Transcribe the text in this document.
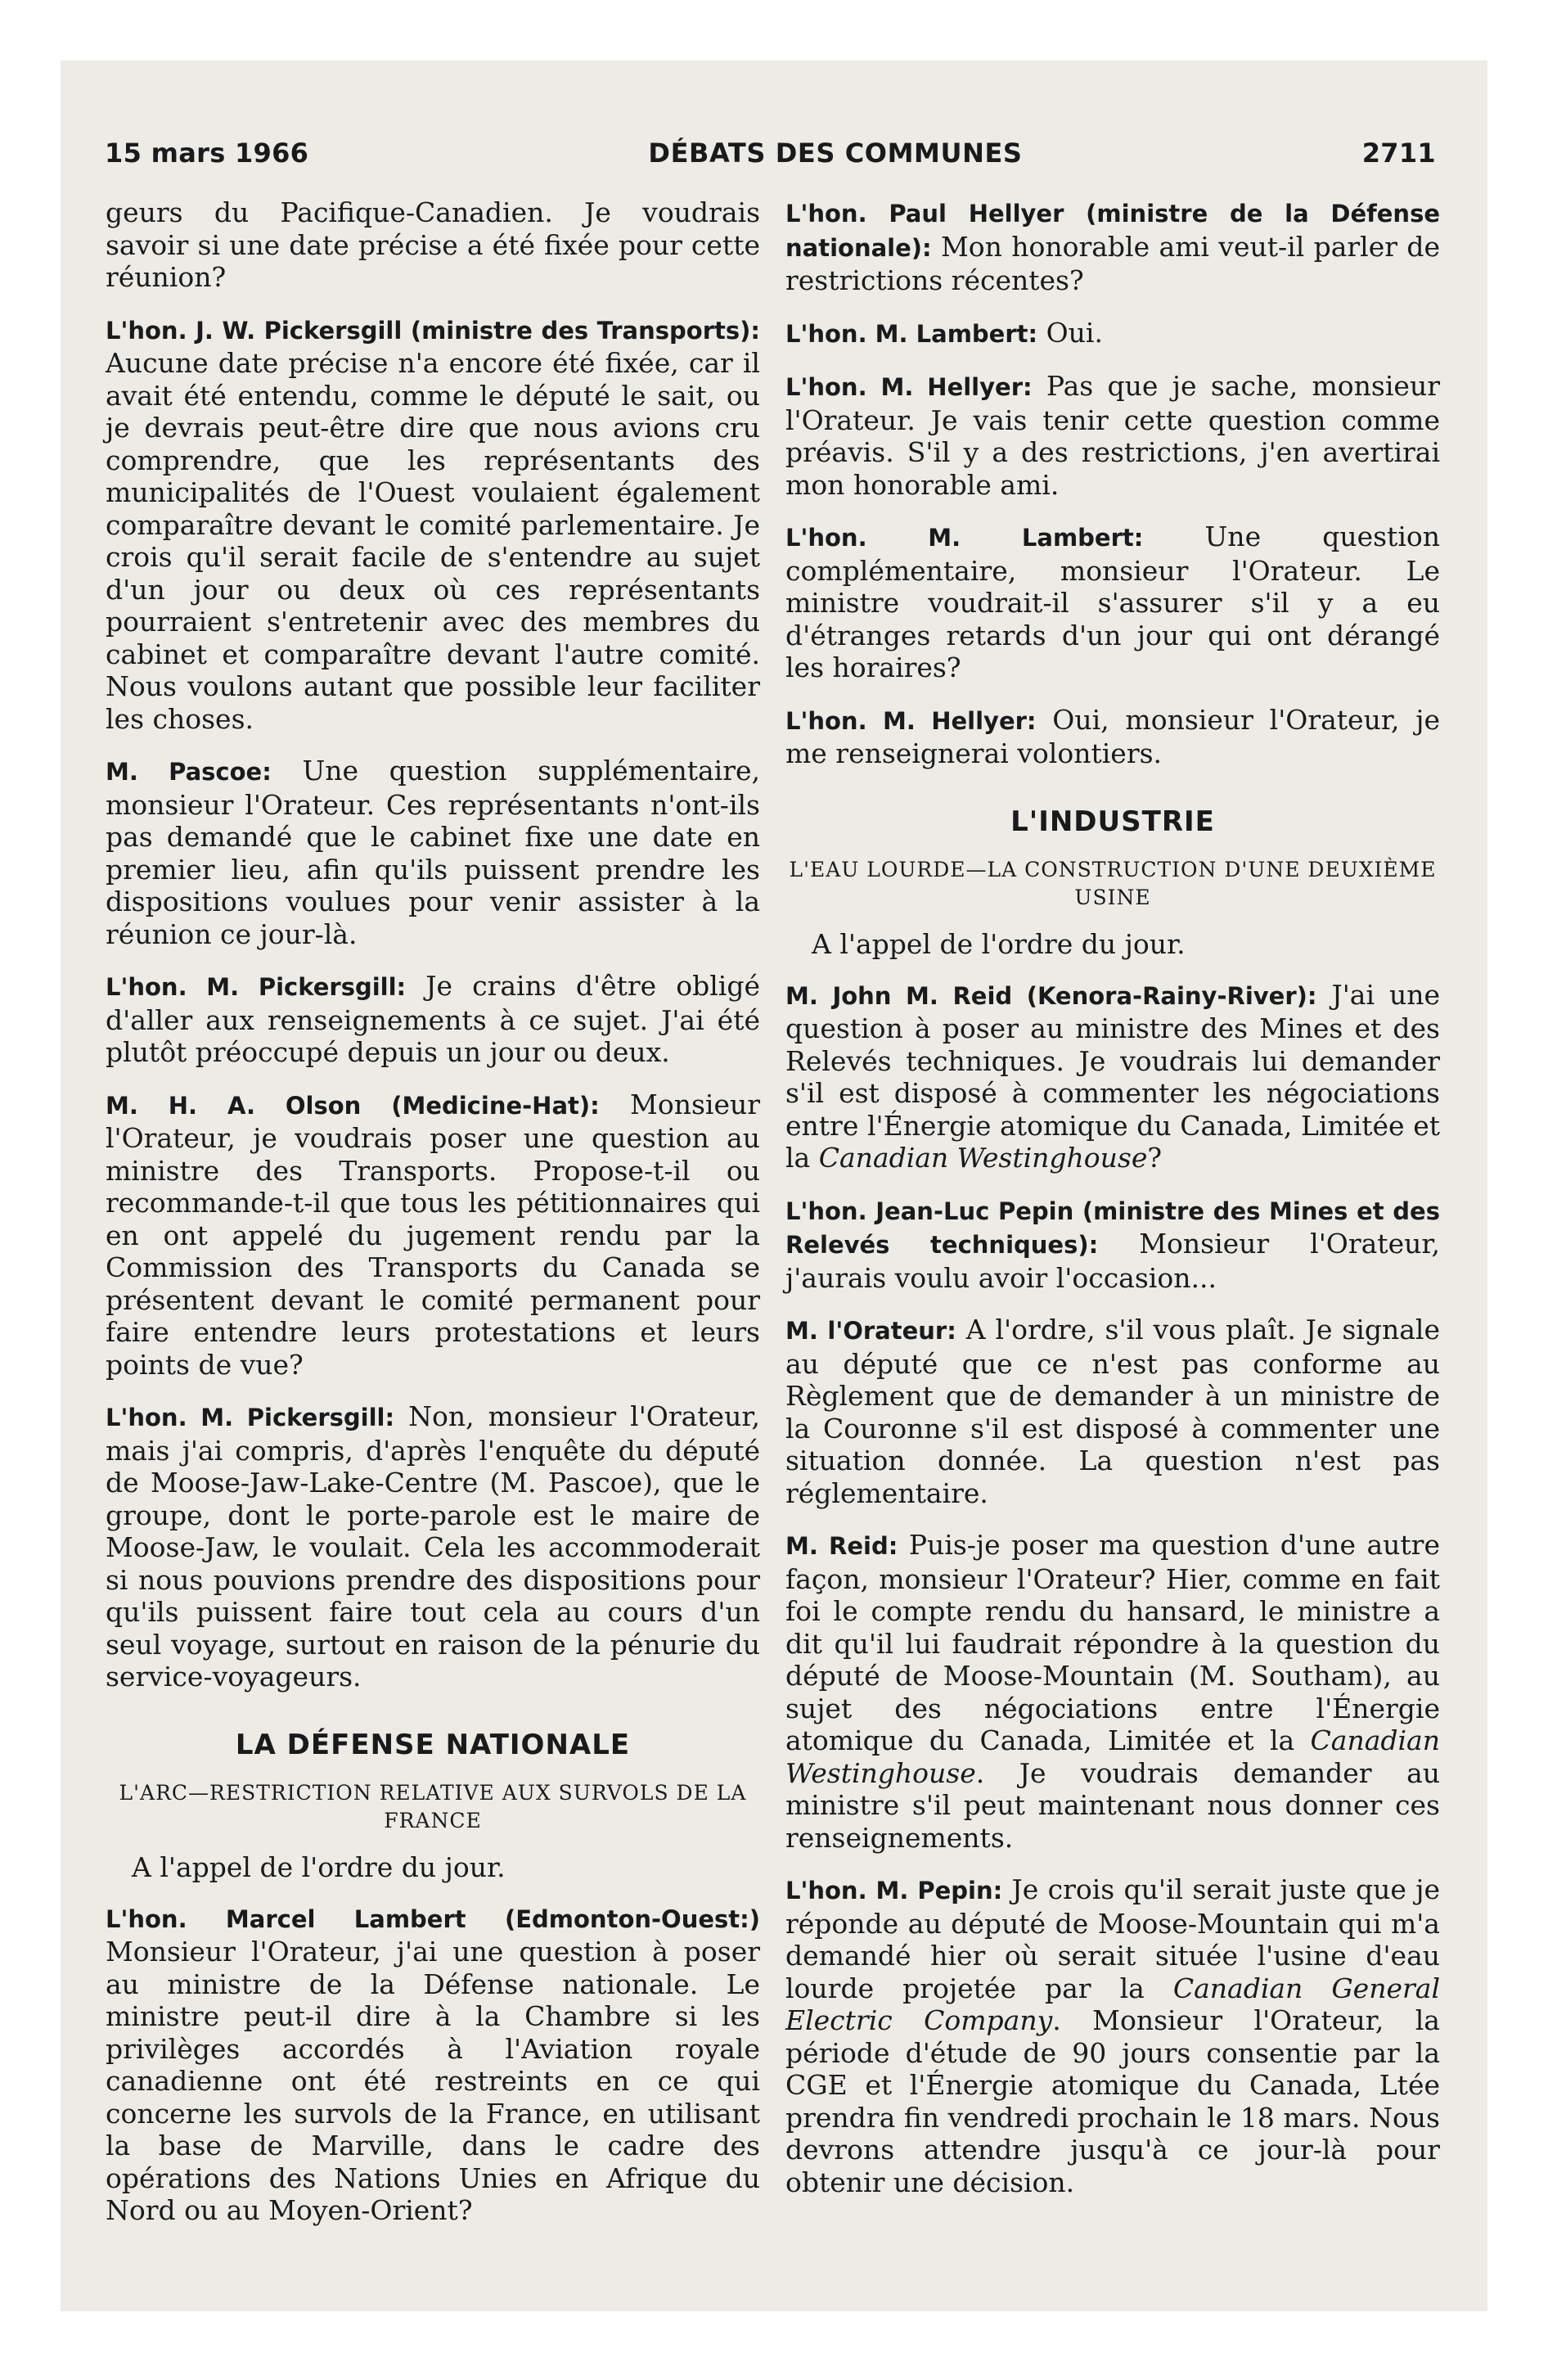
15 mars 1966	DÉBATS DES COMMUNES	2711

geurs du Pacifique-Canadien. Je voudrais savoir si une date précise a été fixée pour cette réunion?

L'hon. J. W. Pickersgill (ministre des Transports): Aucune date précise n'a encore été fixée, car il avait été entendu, comme le député le sait, ou je devrais peut-être dire que nous avions cru comprendre, que les représentants des municipalités de l'Ouest voulaient également comparaître devant le comité parlementaire. Je crois qu'il serait facile de s'entendre au sujet d'un jour ou deux où ces représentants pourraient s'entretenir avec des membres du cabinet et comparaître devant l'autre comité. Nous voulons autant que possible leur faciliter les choses.

M. Pascoe: Une question supplémentaire, monsieur l'Orateur. Ces représentants n'ont-ils pas demandé que le cabinet fixe une date en premier lieu, afin qu'ils puissent prendre les dispositions voulues pour venir assister à la réunion ce jour-là.

L'hon. M. Pickersgill: Je crains d'être obligé d'aller aux renseignements à ce sujet. J'ai été plutôt préoccupé depuis un jour ou deux.

M. H. A. Olson (Medicine-Hat): Monsieur l'Orateur, je voudrais poser une question au ministre des Transports. Propose-t-il ou recommande-t-il que tous les pétitionnaires qui en ont appelé du jugement rendu par la Commission des Transports du Canada se présentent devant le comité permanent pour faire entendre leurs protestations et leurs points de vue?

L'hon. M. Pickersgill: Non, monsieur l'Orateur, mais j'ai compris, d'après l'enquête du député de Moose-Jaw-Lake-Centre (M. Pascoe), que le groupe, dont le porte-parole est le maire de Moose-Jaw, le voulait. Cela les accommoderait si nous pouvions prendre des dispositions pour qu'ils puissent faire tout cela au cours d'un seul voyage, surtout en raison de la pénurie du service-voyageurs.

LA DÉFENSE NATIONALE
L'ARC—RESTRICTION RELATIVE AUX SURVOLS DE LA FRANCE

A l'appel de l'ordre du jour.

L'hon. Marcel Lambert (Edmonton-Ouest:) Monsieur l'Orateur, j'ai une question à poser au ministre de la Défense nationale. Le ministre peut-il dire à la Chambre si les privilèges accordés à l'Aviation royale canadienne ont été restreints en ce qui concerne les survols de la France, en utilisant la base de Marville, dans le cadre des opérations des Nations Unies en Afrique du Nord ou au Moyen-Orient?

L'hon. Paul Hellyer (ministre de la Défense nationale): Mon honorable ami veut-il parler de restrictions récentes?

L'hon. M. Lambert: Oui.

L'hon. M. Hellyer: Pas que je sache, monsieur l'Orateur. Je vais tenir cette question comme préavis. S'il y a des restrictions, j'en avertirai mon honorable ami.

L'hon. M. Lambert: Une question complémentaire, monsieur l'Orateur. Le ministre voudrait-il s'assurer s'il y a eu d'étranges retards d'un jour qui ont dérangé les horaires?

L'hon. M. Hellyer: Oui, monsieur l'Orateur, je me renseignerai volontiers.

L'INDUSTRIE
L'EAU LOURDE—LA CONSTRUCTION D'UNE DEUXIÈME USINE

A l'appel de l'ordre du jour.

M. John M. Reid (Kenora-Rainy-River): J'ai une question à poser au ministre des Mines et des Relevés techniques. Je voudrais lui demander s'il est disposé à commenter les négociations entre l'Énergie atomique du Canada, Limitée et la Canadian Westinghouse?

L'hon. Jean-Luc Pepin (ministre des Mines et des Relevés techniques): Monsieur l'Orateur, j'aurais voulu avoir l'occasion...

M. l'Orateur: A l'ordre, s'il vous plaît. Je signale au député que ce n'est pas conforme au Règlement que de demander à un ministre de la Couronne s'il est disposé à commenter une situation donnée. La question n'est pas réglementaire.

M. Reid: Puis-je poser ma question d'une autre façon, monsieur l'Orateur? Hier, comme en fait foi le compte rendu du hansard, le ministre a dit qu'il lui faudrait répondre à la question du député de Moose-Mountain (M. Southam), au sujet des négociations entre l'Énergie atomique du Canada, Limitée et la Canadian Westinghouse. Je voudrais demander au ministre s'il peut maintenant nous donner ces renseignements.

L'hon. M. Pepin: Je crois qu'il serait juste que je réponde au député de Moose-Mountain qui m'a demandé hier où serait située l'usine d'eau lourde projetée par la Canadian General Electric Company. Monsieur l'Orateur, la période d'étude de 90 jours consentie par la CGE et l'Énergie atomique du Canada, Ltée prendra fin vendredi prochain le 18 mars. Nous devrons attendre jusqu'à ce jour-là pour obtenir une décision.
